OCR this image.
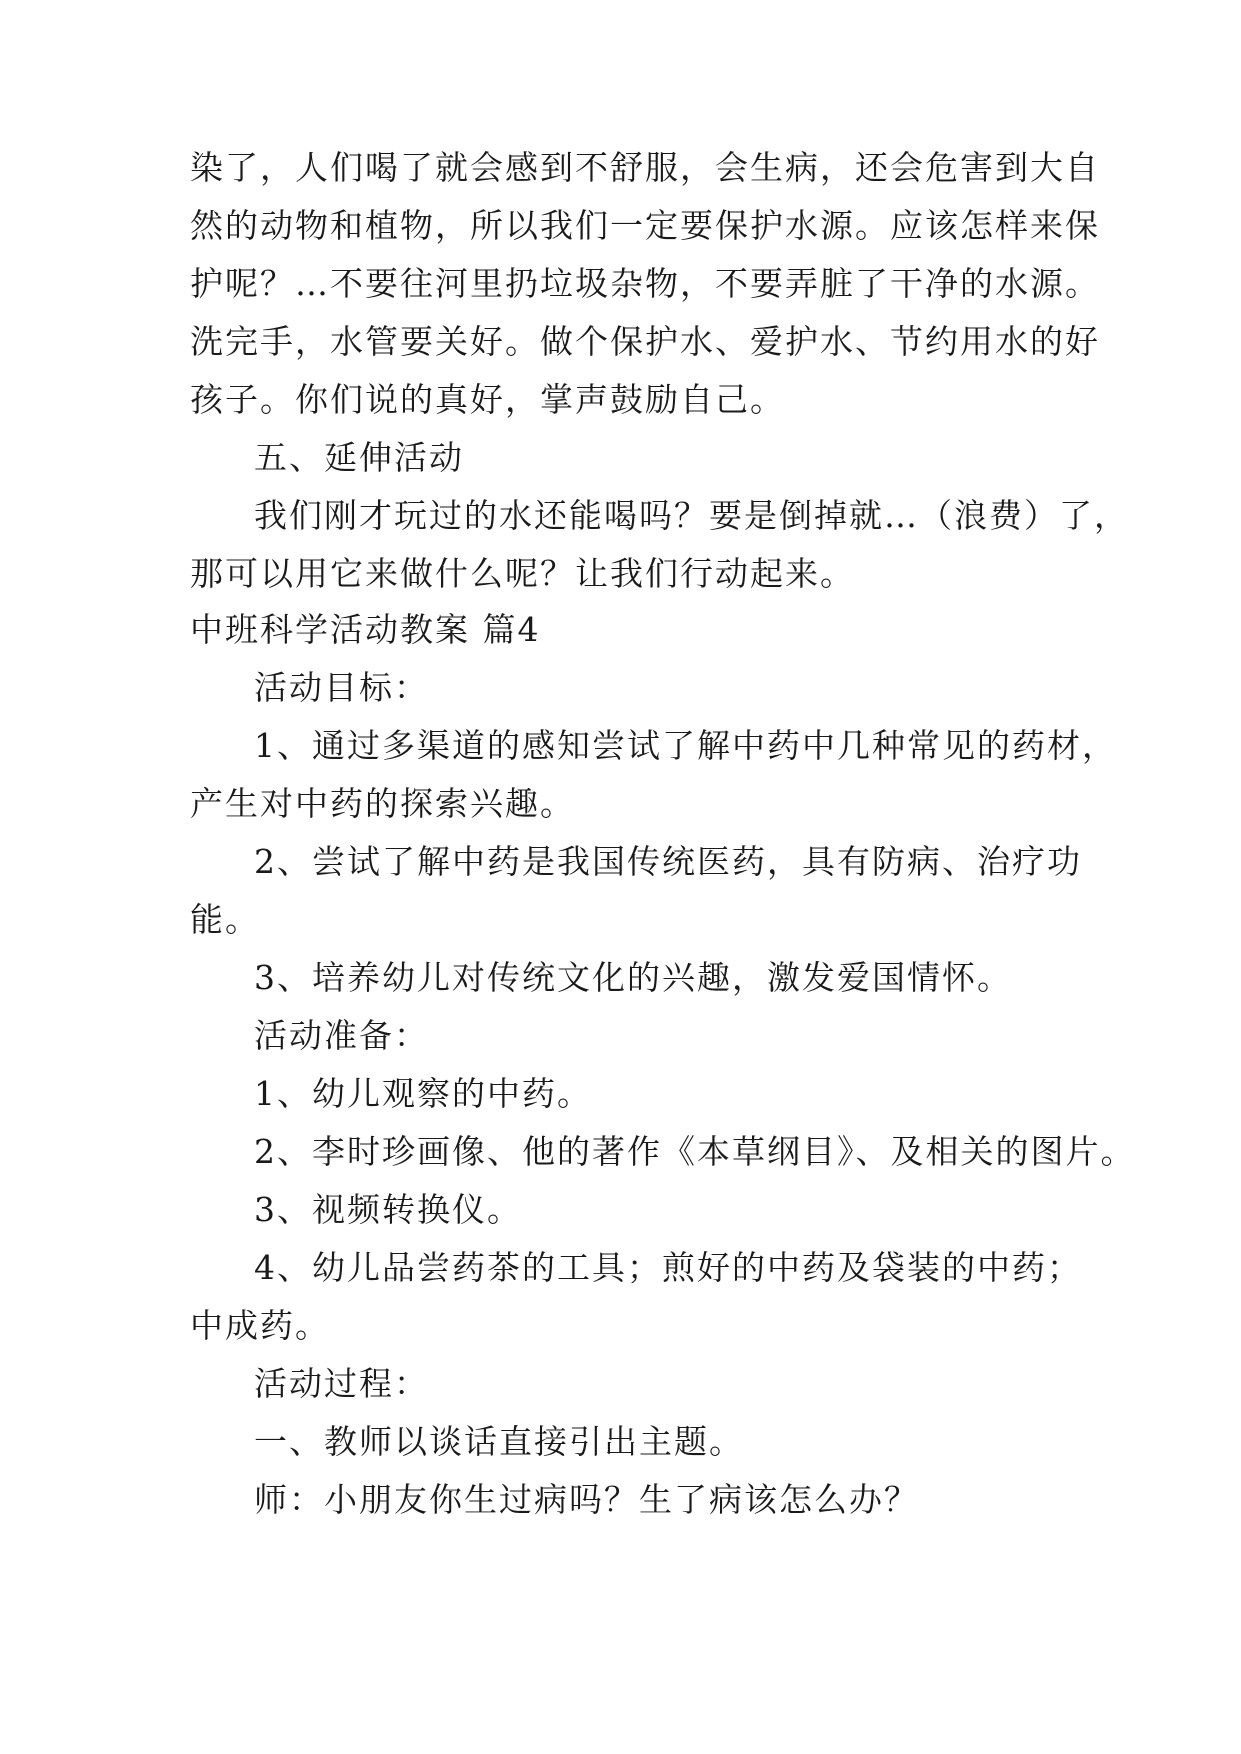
染了，人们喝了就会感到不舒服，会生病，还会危害到大自
然的动物和植物，所以我们一定要保护水源。应该怎样来保
护呢？…不要往河里扔垃圾杂物，不要弄脏了干净的水源。
洗完手，水管要关好。做个保护水、爱护水、节约用水的好
孩子。你们说的真好，掌声鼓励自己。
五、延伸活动
我们刚才玩过的水还能喝吗？要是倒掉就…（浪费）了，
那可以用它来做什么呢？让我们行动起来。
中班科学活动教案 篇4
活动目标：
1、通过多渠道的感知尝试了解中药中几种常见的药材，
产生对中药的探索兴趣。
2、尝试了解中药是我国传统医药，具有防病、治疗功
能。
3、培养幼儿对传统文化的兴趣，激发爱国情怀。
活动准备：
1、幼儿观察的中药。
2、李时珍画像、他的著作《本草纲目》、及相关的图片。
3、视频转换仪。
4、幼儿品尝药茶的工具；煎好的中药及袋装的中药；
中成药。
活动过程：
一、教师以谈话直接引出主题。
师：小朋友你生过病吗？生了病该怎么办？
